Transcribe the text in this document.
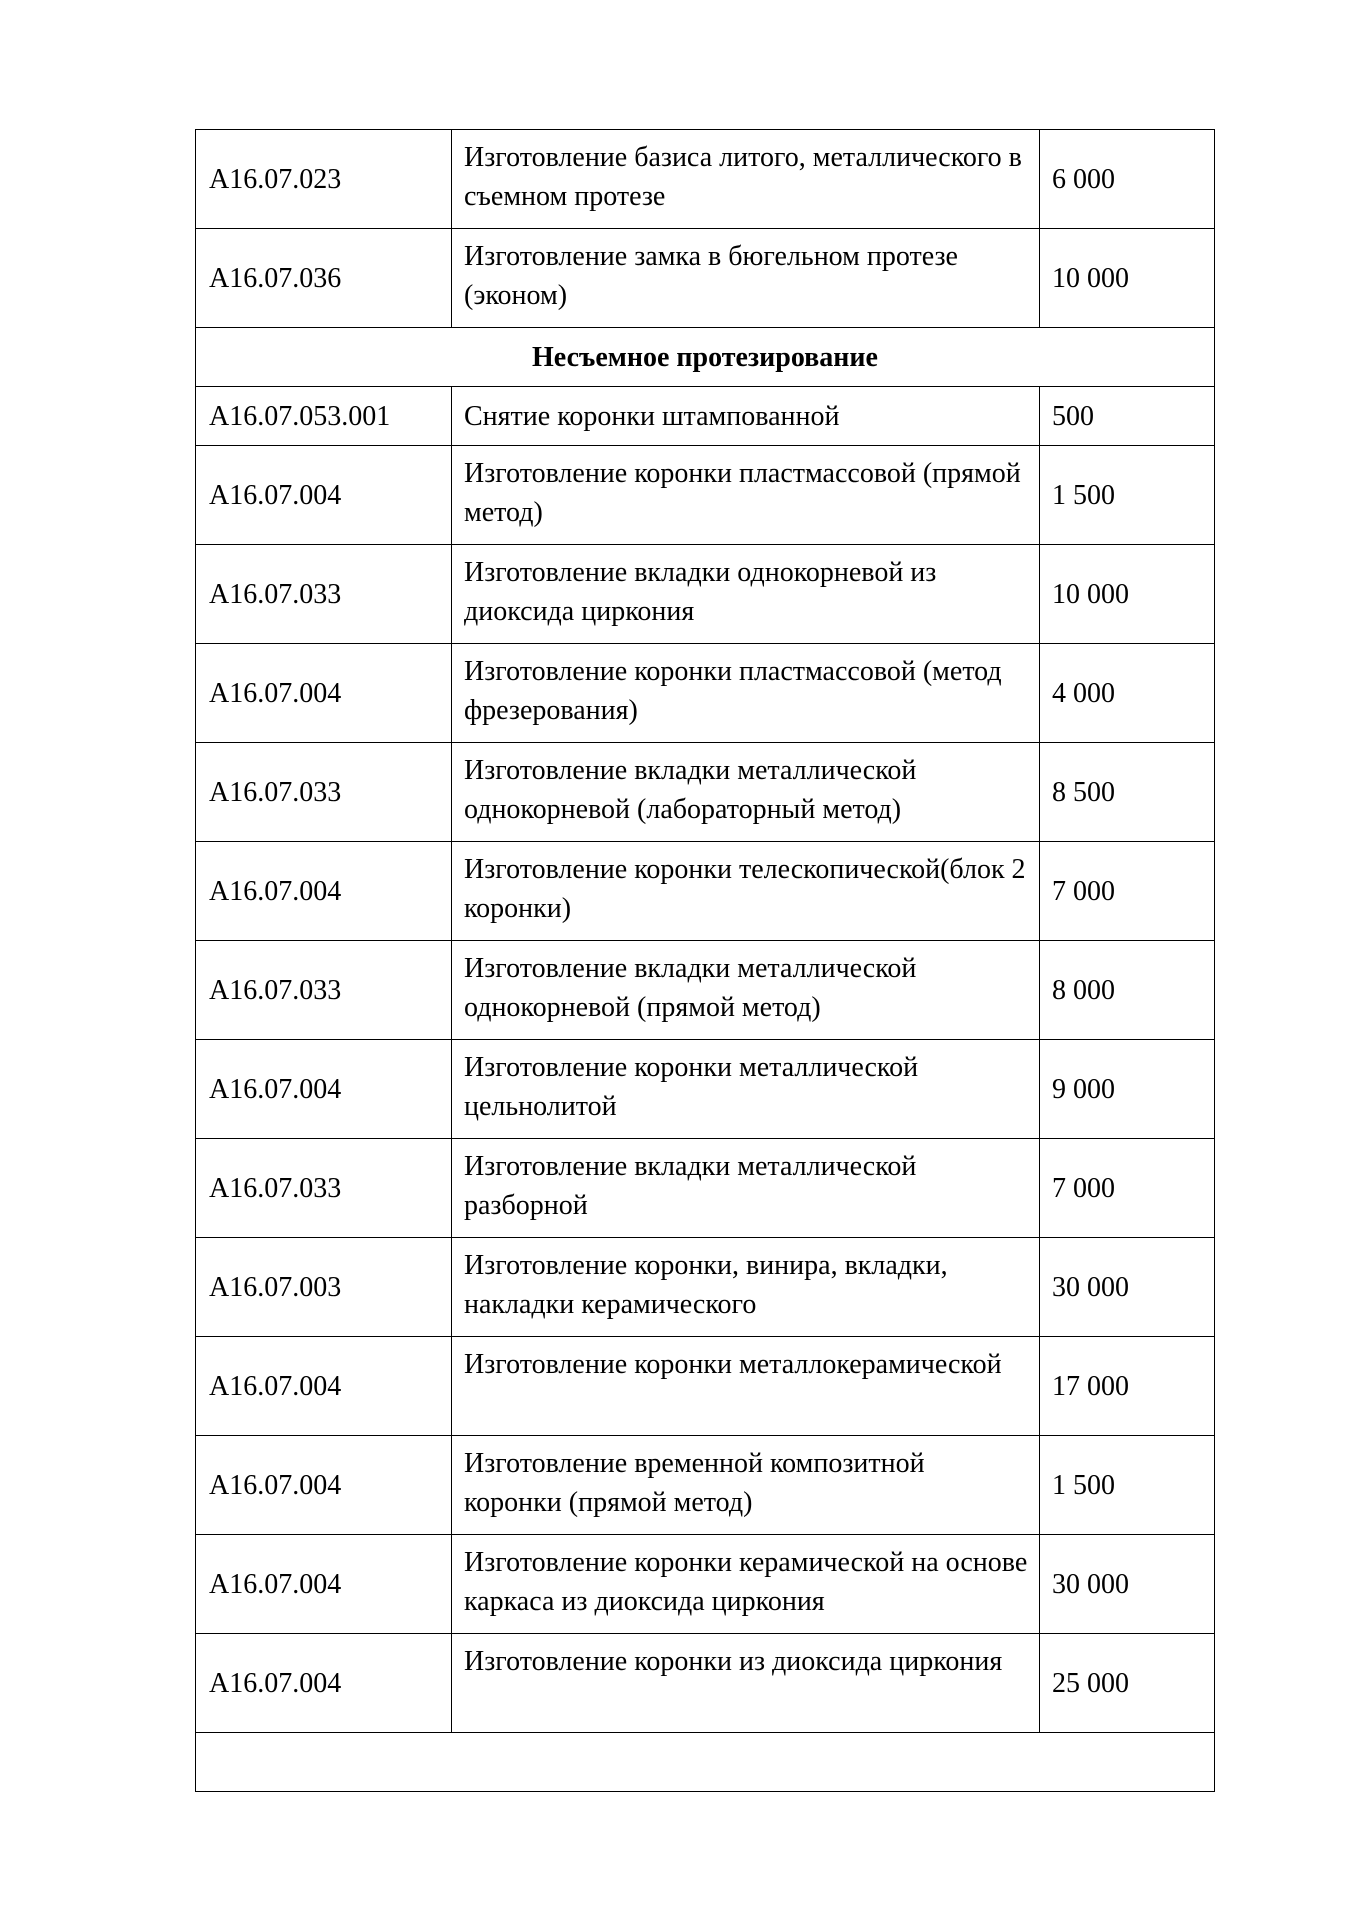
А16.07.023	Изготовление базиса литого, металлического в съемном протезе	6 000
А16.07.036	Изготовление замка в бюгельном протезе (эконом)	10 000
Несъемное протезирование		
А16.07.053.001	Снятие коронки штампованной	500
А16.07.004	Изготовление коронки пластмассовой (прямой метод)	1 500
А16.07.033	Изготовление вкладки однокорневой из диоксида циркония	10 000
А16.07.004	Изготовление коронки пластмассовой (метод фрезерования)	4 000
А16.07.033	Изготовление вкладки металлической однокорневой (лабораторный метод)	8 500
А16.07.004	Изготовление коронки телескопической(блок 2 коронки)	7 000
А16.07.033	Изготовление вкладки металлической однокорневой (прямой метод)	8 000
А16.07.004	Изготовление коронки металлической цельнолитой	9 000
А16.07.033	Изготовление вкладки металлической разборной	7 000
А16.07.003	Изготовление коронки, винира, вкладки, накладки керамического	30 000
А16.07.004	Изготовление коронки металлокерамической	17 000
А16.07.004	Изготовление временной композитной коронки (прямой метод)	1 500
А16.07.004	Изготовление коронки керамической на основе каркаса из диоксида циркония	30 000
А16.07.004	Изготовление коронки из диоксида циркония	25 000
